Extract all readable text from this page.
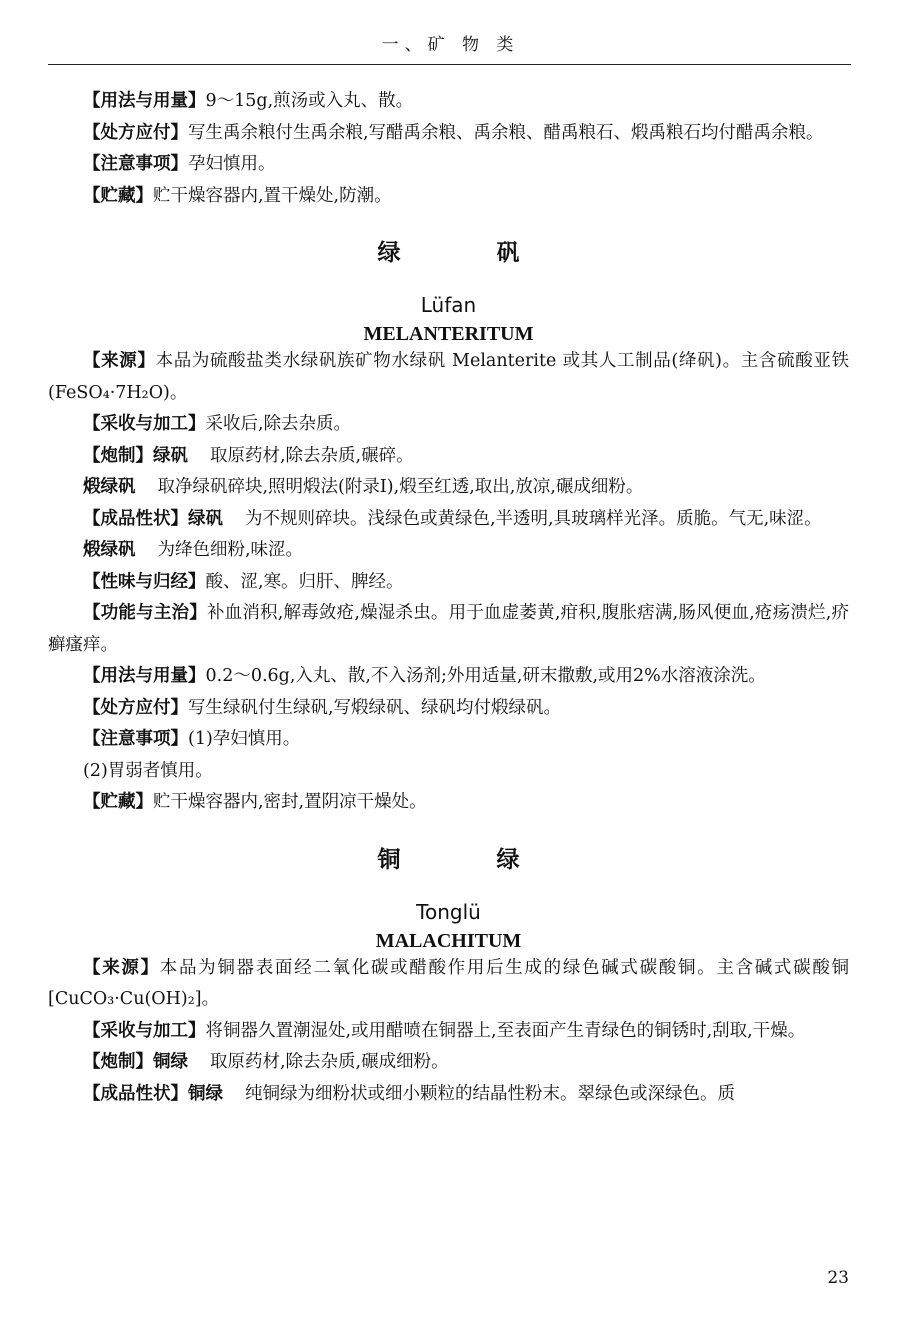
一、矿 物 类

【用法与用量】9～15g,煎汤或入丸、散。

【处方应付】写生禹余粮付生禹余粮,写醋禹余粮、禹余粮、醋禹粮石、煅禹粮石均付醋禹余粮。

【注意事项】孕妇慎用。

【贮藏】贮干燥容器内,置干燥处,防潮。

绿 矾

Lüfan

MELANTERITUM

【来源】本品为硫酸盐类水绿矾族矿物水绿矾 Melanterite 或其人工制品(绛矾)。主含硫酸亚铁(FeSO₄·7H₂O)。

【采收与加工】采收后,除去杂质。

【炮制】绿矾 取原药材,除去杂质,碾碎。

煅绿矾 取净绿矾碎块,照明煅法(附录Ⅰ),煅至红透,取出,放凉,碾成细粉。

【成品性状】绿矾 为不规则碎块。浅绿色或黄绿色,半透明,具玻璃样光泽。质脆。气无,味涩。

煅绿矾 为绛色细粉,味涩。

【性味与归经】酸、涩,寒。归肝、脾经。

【功能与主治】补血消积,解毒敛疮,燥湿杀虫。用于血虚萎黄,疳积,腹胀痞满,肠风便血,疮疡溃烂,疥癣瘙痒。

【用法与用量】0.2～0.6g,入丸、散,不入汤剂;外用适量,研末撒敷,或用2%水溶液涂洗。

【处方应付】写生绿矾付生绿矾,写煅绿矾、绿矾均付煅绿矾。

【注意事项】(1)孕妇慎用。

(2)胃弱者慎用。

【贮藏】贮干燥容器内,密封,置阴凉干燥处。

铜 绿

Tonglü

MALACHITUM

【来源】本品为铜器表面经二氧化碳或醋酸作用后生成的绿色碱式碳酸铜。主含碱式碳酸铜[CuCO₃·Cu(OH)₂]。

【采收与加工】将铜器久置潮湿处,或用醋喷在铜器上,至表面产生青绿色的铜锈时,刮取,干燥。

【炮制】铜绿 取原药材,除去杂质,碾成细粉。

【成品性状】铜绿 纯铜绿为细粉状或细小颗粒的结晶性粉末。翠绿色或深绿色。质

23
